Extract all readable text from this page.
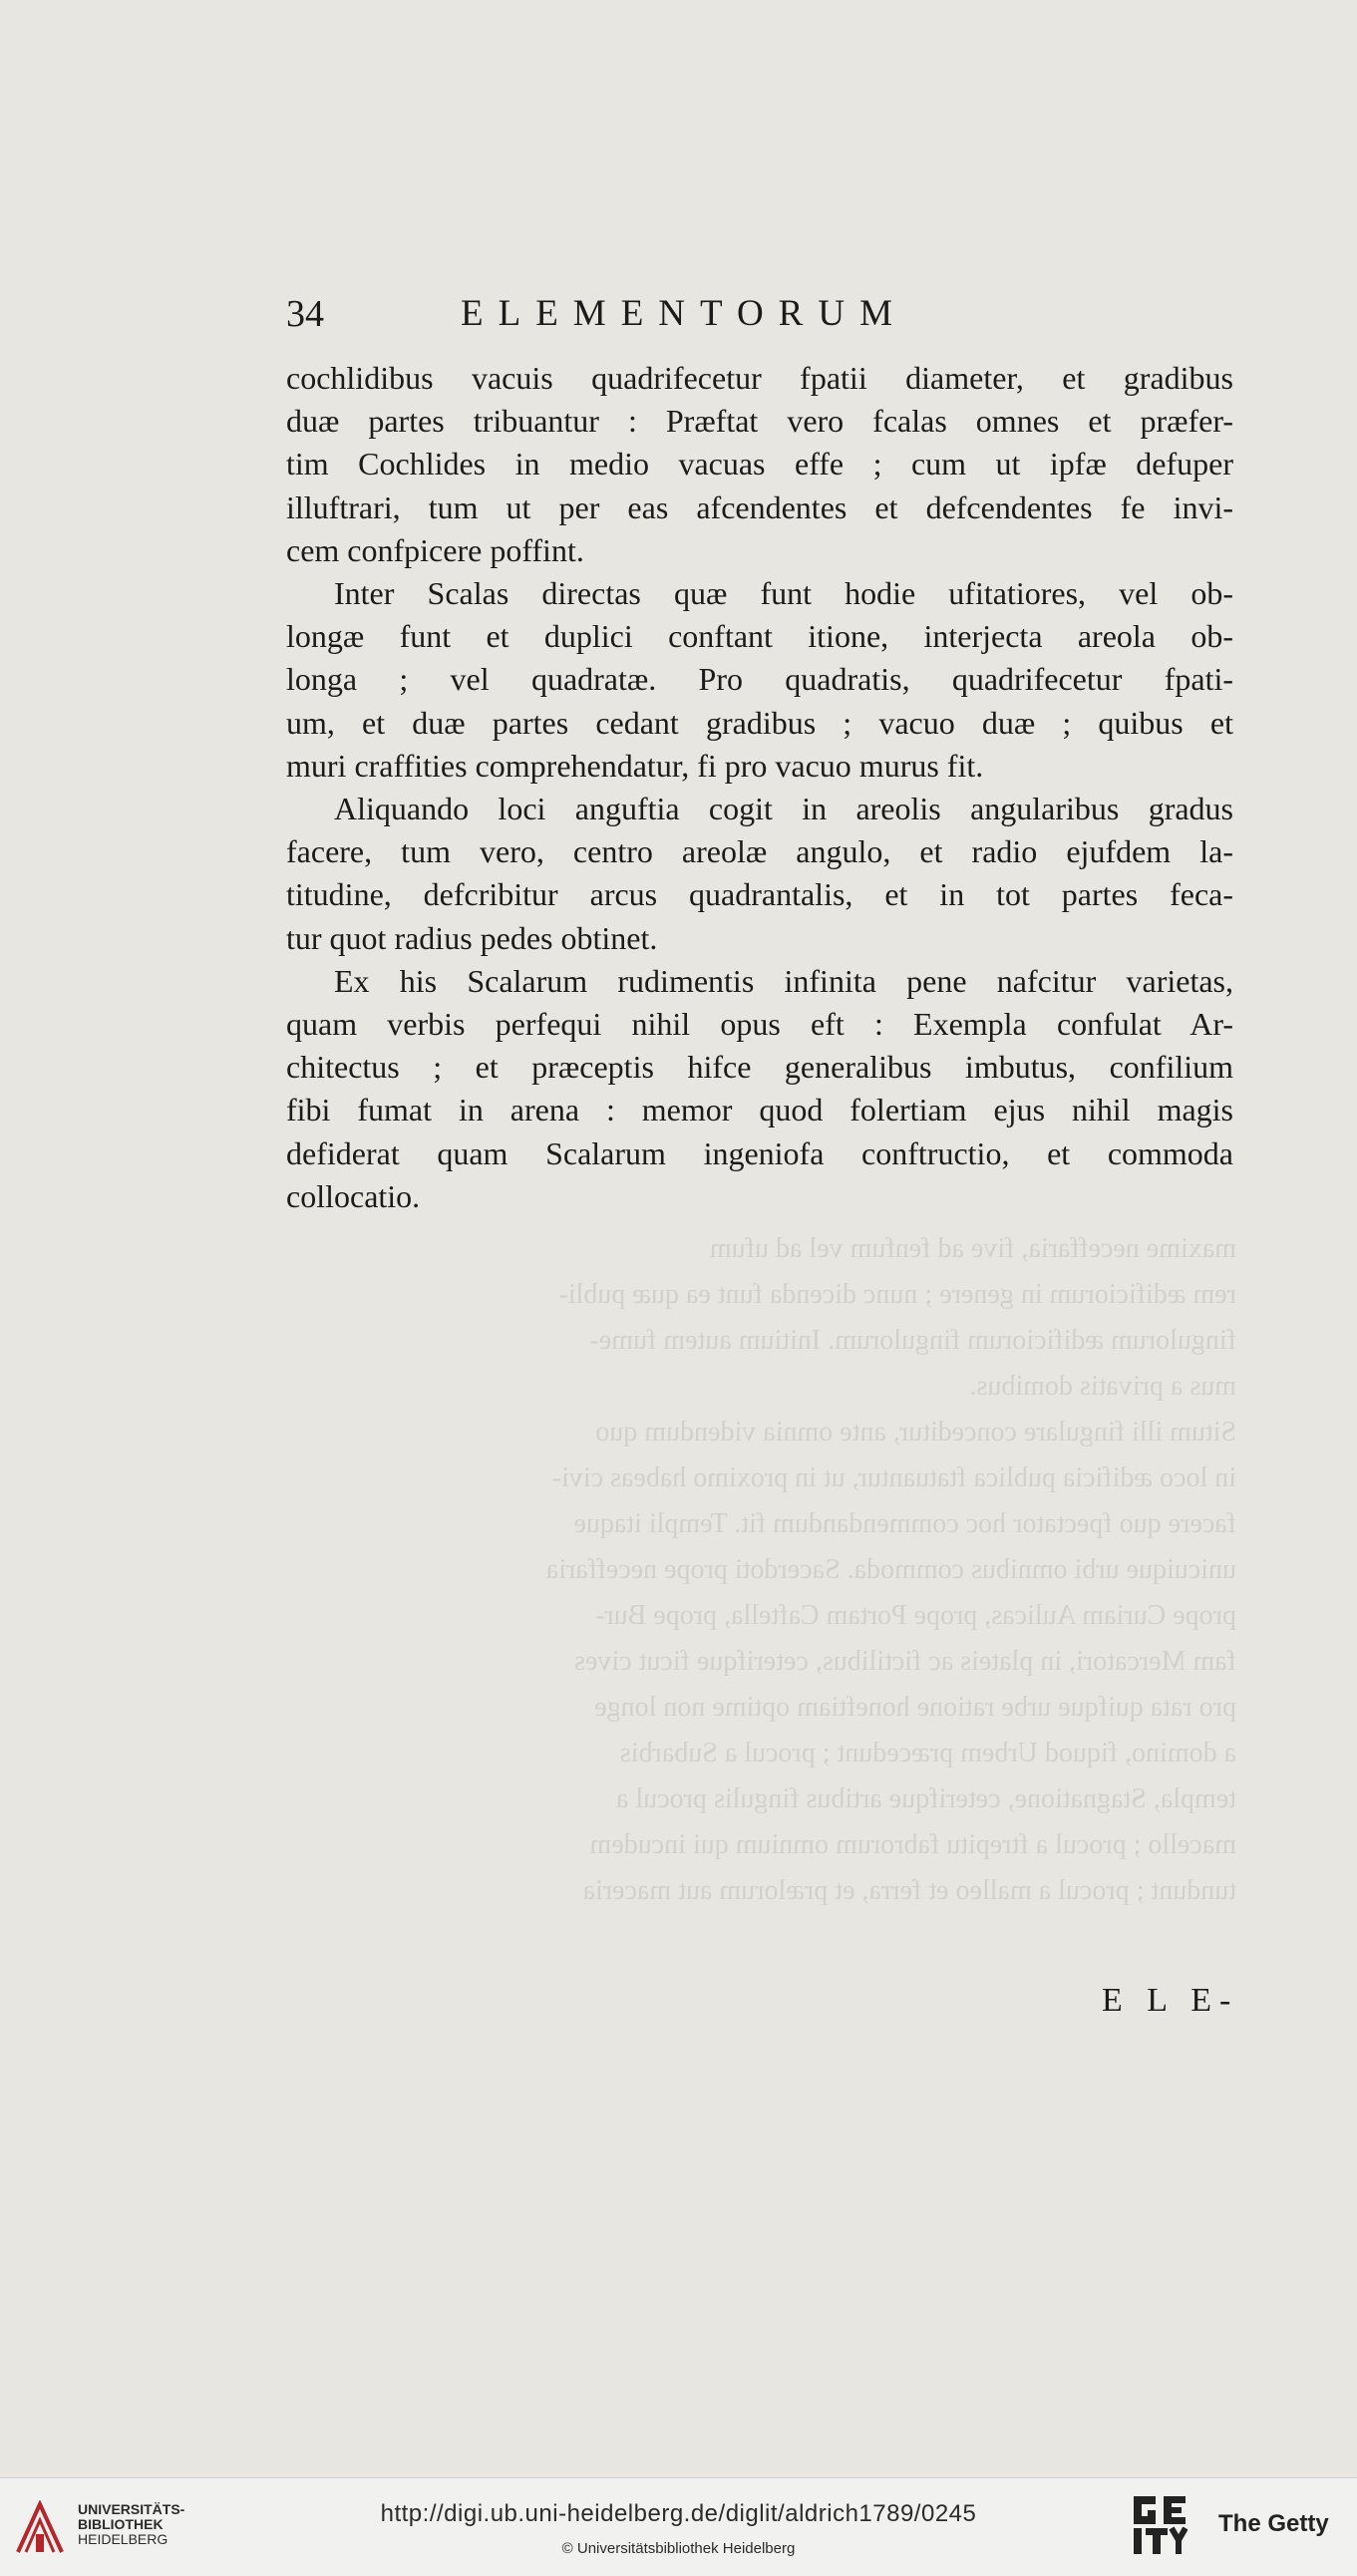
maxime neceffaria, five ad fenfum vel ad ufum
rem ædificiorum in genere ; nunc dicenda funt ea quæ publi-
fingulorum ædificiorum fingulorum. Initium autem fume-
mus a privatis domibus.
Situm illi fingulare conceditur, ante omnia videndum quo
in loco ædificia publica ftatuantur, ut in proximo habeas civi-
facere quo fpectator hoc commendandum fit. Templi itaque
unicuique urbi omnibus commoda. Sacerdoti prope neceffaria
prope Curiam Aulicas, prope Portam Caftella, prope Bur-
fam Mercatori, in plateis ac fictilibus, ceterifque ficut cives
pro rata quifque urbe ratione honeftiam optime non longe
a domino, fiquod Urbem præcedunt ; procul a Subarbis
templa, Stagnatione, ceterifque artibus fingulis procul a
macello ; procul a ftrepitu fabrorum omnium qui incudem
tundunt ; procul a malleo et ferra, et prælorum aut maceria
34	ELEMENTORUM
cochlidibus vacuis quadrifecetur fpatii diameter, et gradibus
duæ partes tribuantur : Præftat vero fcalas omnes et præfer-
tim Cochlides in medio vacuas effe ; cum ut ipfæ defuper
illuftrari, tum ut per eas afcendentes et defcendentes fe invi-
cem confpicere poffint.
Inter Scalas directas quæ funt hodie ufitatiores, vel ob-
longæ funt et duplici conftant itione, interjecta areola ob-
longa ; vel quadratæ. Pro quadratis, quadrifecetur fpati-
um, et duæ partes cedant gradibus ; vacuo duæ ; quibus et
muri craffities comprehendatur, fi pro vacuo murus fit.
Aliquando loci anguftia cogit in areolis angularibus gradus
facere, tum vero, centro areolæ angulo, et radio ejufdem la-
titudine, defcribitur arcus quadrantalis, et in tot partes feca-
tur quot radius pedes obtinet.
Ex his Scalarum rudimentis infinita pene nafcitur varietas,
quam verbis perfequi nihil opus eft : Exempla confulat Ar-
chitectus ; et præceptis hifce generalibus imbutus, confilium
fibi fumat in arena : memor quod folertiam ejus nihil magis
defiderat quam Scalarum ingeniofa conftructio, et commoda
collocatio.
E L E-
UNIVERSITÄTS-
BIBLIOTHEK
HEIDELBERG
http://digi.ub.uni-heidelberg.de/diglit/aldrich1789/0245
© Universitätsbibliothek Heidelberg
The Getty
